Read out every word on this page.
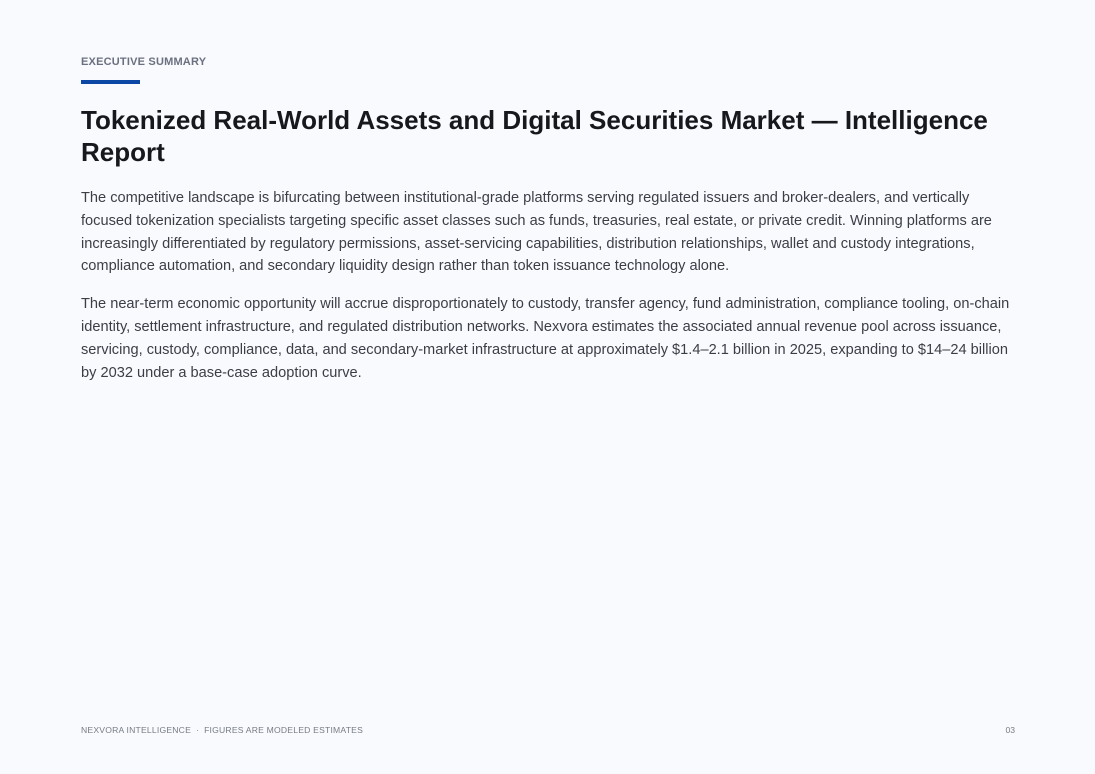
EXECUTIVE SUMMARY
Tokenized Real-World Assets and Digital Securities Market — Intelligence Report

The competitive landscape is bifurcating between institutional-grade platforms serving regulated issuers and broker-dealers, and vertically focused tokenization specialists targeting specific asset classes such as funds, treasuries, real estate, or private credit. Winning platforms are increasingly differentiated by regulatory permissions, asset-servicing capabilities, distribution relationships, wallet and custody integrations, compliance automation, and secondary liquidity design rather than token issuance technology alone.

The near-term economic opportunity will accrue disproportionately to custody, transfer agency, fund administration, compliance tooling, on-chain identity, settlement infrastructure, and regulated distribution networks. Nexvora estimates the associated annual revenue pool across issuance, servicing, custody, compliance, data, and secondary-market infrastructure at approximately $1.4–2.1 billion in 2025, expanding to $14–24 billion by 2032 under a base-case adoption curve.

NEXVORA INTELLIGENCE · FIGURES ARE MODELED ESTIMATES	03
